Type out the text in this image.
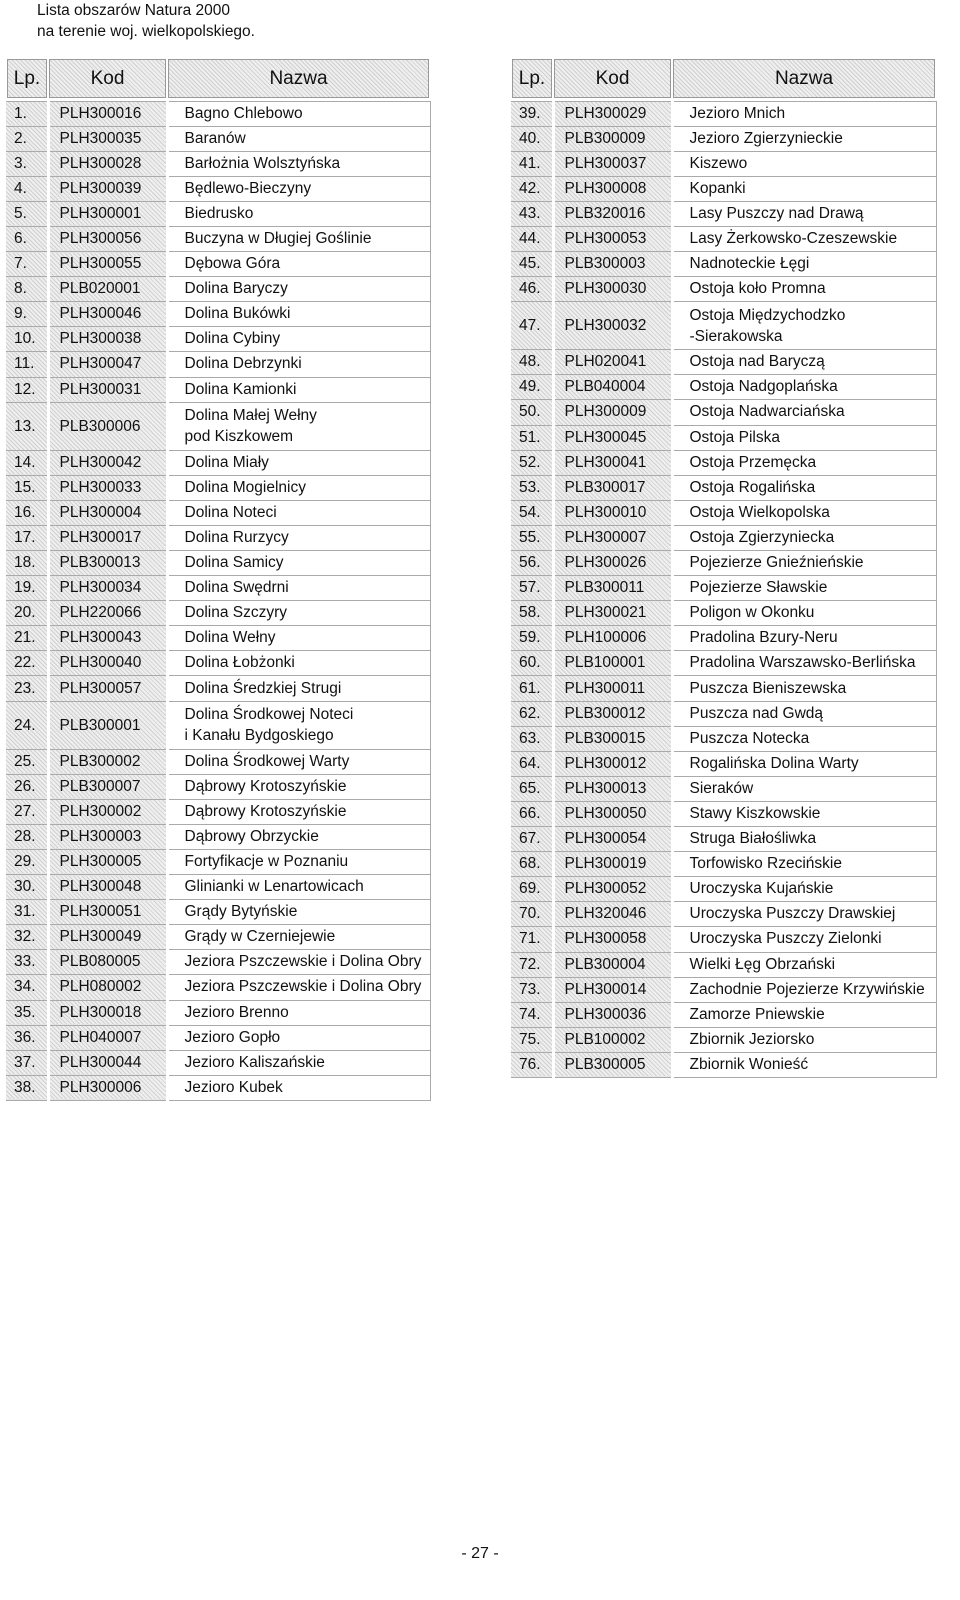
Lista obszarów Natura 2000
na terenie woj. wielkopolskiego.
Lp.	Kod	Nazwa

1.	PLH300016	Bagno Chlebowo
2.	PLH300035	Baranów
3.	PLH300028	Barłożnia Wolsztyńska
4.	PLH300039	Będlewo-Bieczyny
5.	PLH300001	Biedrusko
6.	PLH300056	Buczyna w Długiej Goślinie
7.	PLH300055	Dębowa Góra
8.	PLB020001	Dolina Baryczy
9.	PLH300046	Dolina Bukówki
10.	PLH300038	Dolina Cybiny
11.	PLH300047	Dolina Debrzynki
12.	PLH300031	Dolina Kamionki
13.	PLB300006	Dolina Małej Wełny
pod Kiszkowem

14.	PLH300042	Dolina Miały
15.	PLH300033	Dolina Mogielnicy
16.	PLH300004	Dolina Noteci
17.	PLH300017	Dolina Rurzycy
18.	PLB300013	Dolina Samicy
19.	PLH300034	Dolina Swędrni
20.	PLH220066	Dolina Szczyry
21.	PLH300043	Dolina Wełny
22.	PLH300040	Dolina Łobżonki
23.	PLH300057	Dolina Średzkiej Strugi
24.	PLB300001	Dolina Środkowej Noteci
i Kanału Bydgoskiego

25.	PLB300002	Dolina Środkowej Warty
26.	PLB300007	Dąbrowy Krotoszyńskie
27.	PLH300002	Dąbrowy Krotoszyńskie
28.	PLH300003	Dąbrowy Obrzyckie
29.	PLH300005	Fortyfikacje w Poznaniu
30.	PLH300048	Glinianki w Lenartowicach
31.	PLH300051	Grądy Bytyńskie
32.	PLH300049	Grądy w Czerniejewie
33.	PLB080005	Jeziora Pszczewskie i Dolina Obry
34.	PLH080002	Jeziora Pszczewskie i Dolina Obry
35.	PLH300018	Jezioro Brenno
36.	PLH040007	Jezioro Gopło
37.	PLH300044	Jezioro Kaliszańskie
38.	PLH300006	Jezioro Kubek
Lp.	Kod	Nazwa

39.	PLH300029	Jezioro Mnich
40.	PLB300009	Jezioro Zgierzynieckie
41.	PLH300037	Kiszewo
42.	PLH300008	Kopanki
43.	PLB320016	Lasy Puszczy nad Drawą
44.	PLH300053	Lasy Żerkowsko-Czeszewskie
45.	PLB300003	Nadnoteckie Łęgi
46.	PLH300030	Ostoja koło Promna
47.	PLH300032	Ostoja Międzychodzko
-Sierakowska

48.	PLH020041	Ostoja nad Baryczą
49.	PLB040004	Ostoja Nadgoplańska
50.	PLH300009	Ostoja Nadwarciańska
51.	PLH300045	Ostoja Pilska
52.	PLH300041	Ostoja Przemęcka
53.	PLB300017	Ostoja Rogalińska
54.	PLH300010	Ostoja Wielkopolska
55.	PLH300007	Ostoja Zgierzyniecka
56.	PLH300026	Pojezierze Gnieźnieńskie
57.	PLB300011	Pojezierze Sławskie
58.	PLH300021	Poligon w Okonku
59.	PLH100006	Pradolina Bzury-Neru
60.	PLB100001	Pradolina Warszawsko-Berlińska
61.	PLH300011	Puszcza Bieniszewska
62.	PLB300012	Puszcza nad Gwdą
63.	PLB300015	Puszcza Notecka
64.	PLH300012	Rogalińska Dolina Warty
65.	PLH300013	Sieraków
66.	PLH300050	Stawy Kiszkowskie
67.	PLH300054	Struga Białośliwka
68.	PLH300019	Torfowisko Rzecińskie
69.	PLH300052	Uroczyska Kujańskie
70.	PLH320046	Uroczyska Puszczy Drawskiej
71.	PLH300058	Uroczyska Puszczy Zielonki
72.	PLB300004	Wielki Łęg Obrzański
73.	PLH300014	Zachodnie Pojezierze Krzywińskie
74.	PLH300036	Zamorze Pniewskie
75.	PLB100002	Zbiornik Jeziorsko
76.	PLB300005	Zbiornik Wonieść
- 27 -
